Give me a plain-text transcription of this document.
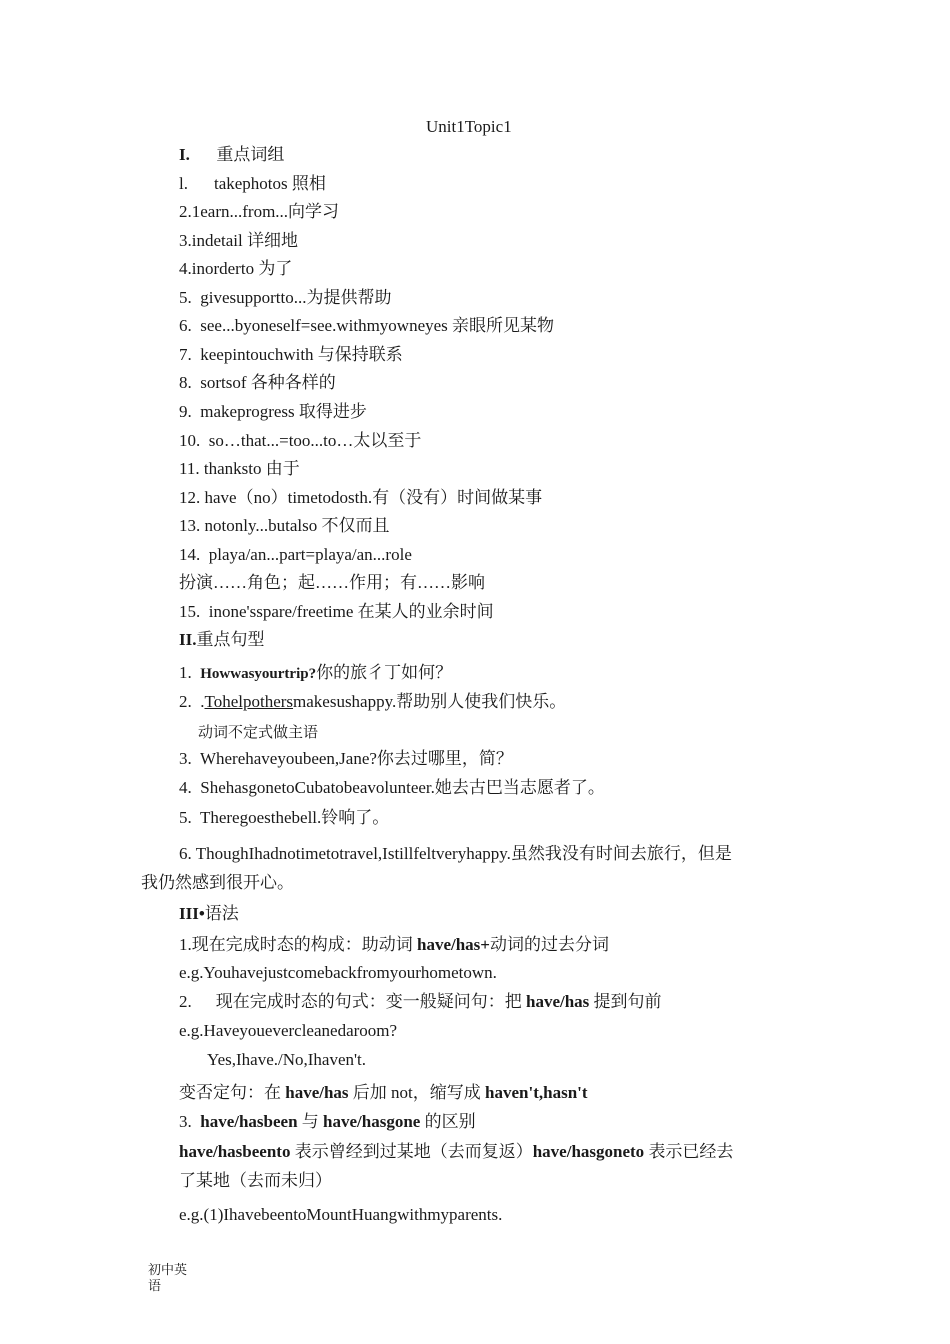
Unit1Topic1
I. 重点词组
l. takephotos 照相
2.1earn...from...向学习
3.indetail 详细地
4.inorderto 为了
5. givesupportto...为提供帮助
6. see...byoneself=see.withmyowneyes 亲眼所见某物
7. keepintouchwith 与保持联系
8. sortsof 各种各样的
9. makeprogress 取得进步
10. so…that...=too...to…太以至于
11. thanksto 由于
12. have（no）timetodosth.有（没有）时间做某事
13. notonly...butalso 不仅而且
14. playa/an...part=playa/an...role
扮演……角色；起……作用；有……影响
15. inone'sspare/freetime 在某人的业余时间
II.重点句型
1. Howwasyourtrip?你的旅彳丁如何？
2. .Tohelpothersmakesushappy.帮助别人使我们快乐。
动词不定式做主语
3. Wherehaveyoubeen,Jane?你去过哪里，简？
4. ShehasgonetoCubatobeavolunteer.她去古巴当志愿者了。
5. Theregoesthebell.铃响了。
6. ThoughIhadnotimetotravel,Istillfeltveryhappy.虽然我没有时间去旅行，但是
我仍然感到很开心。
III•语法
1.现在完成时态的构成：助动词 have/has+动词的过去分词
e.g.Youhavejustcomebackfromyourhometown.
2. 现在完成时态的句式：变一般疑问句：把 have/has 提到句前
e.g.Haveyouevercleanedaroom?
Yes,Ihave./No,Ihaven't.
变否定句：在 have/has 后加 not，缩写成 haven't,hasn't
3. have/hasbeen 与 have/hasgone 的区别
have/hasbeento 表示曾经到过某地（去而复返）have/hasgoneto 表示已经去
了某地（去而未归）
e.g.(1)IhavebeentoMountHuangwithmyparents.
初中英
语
